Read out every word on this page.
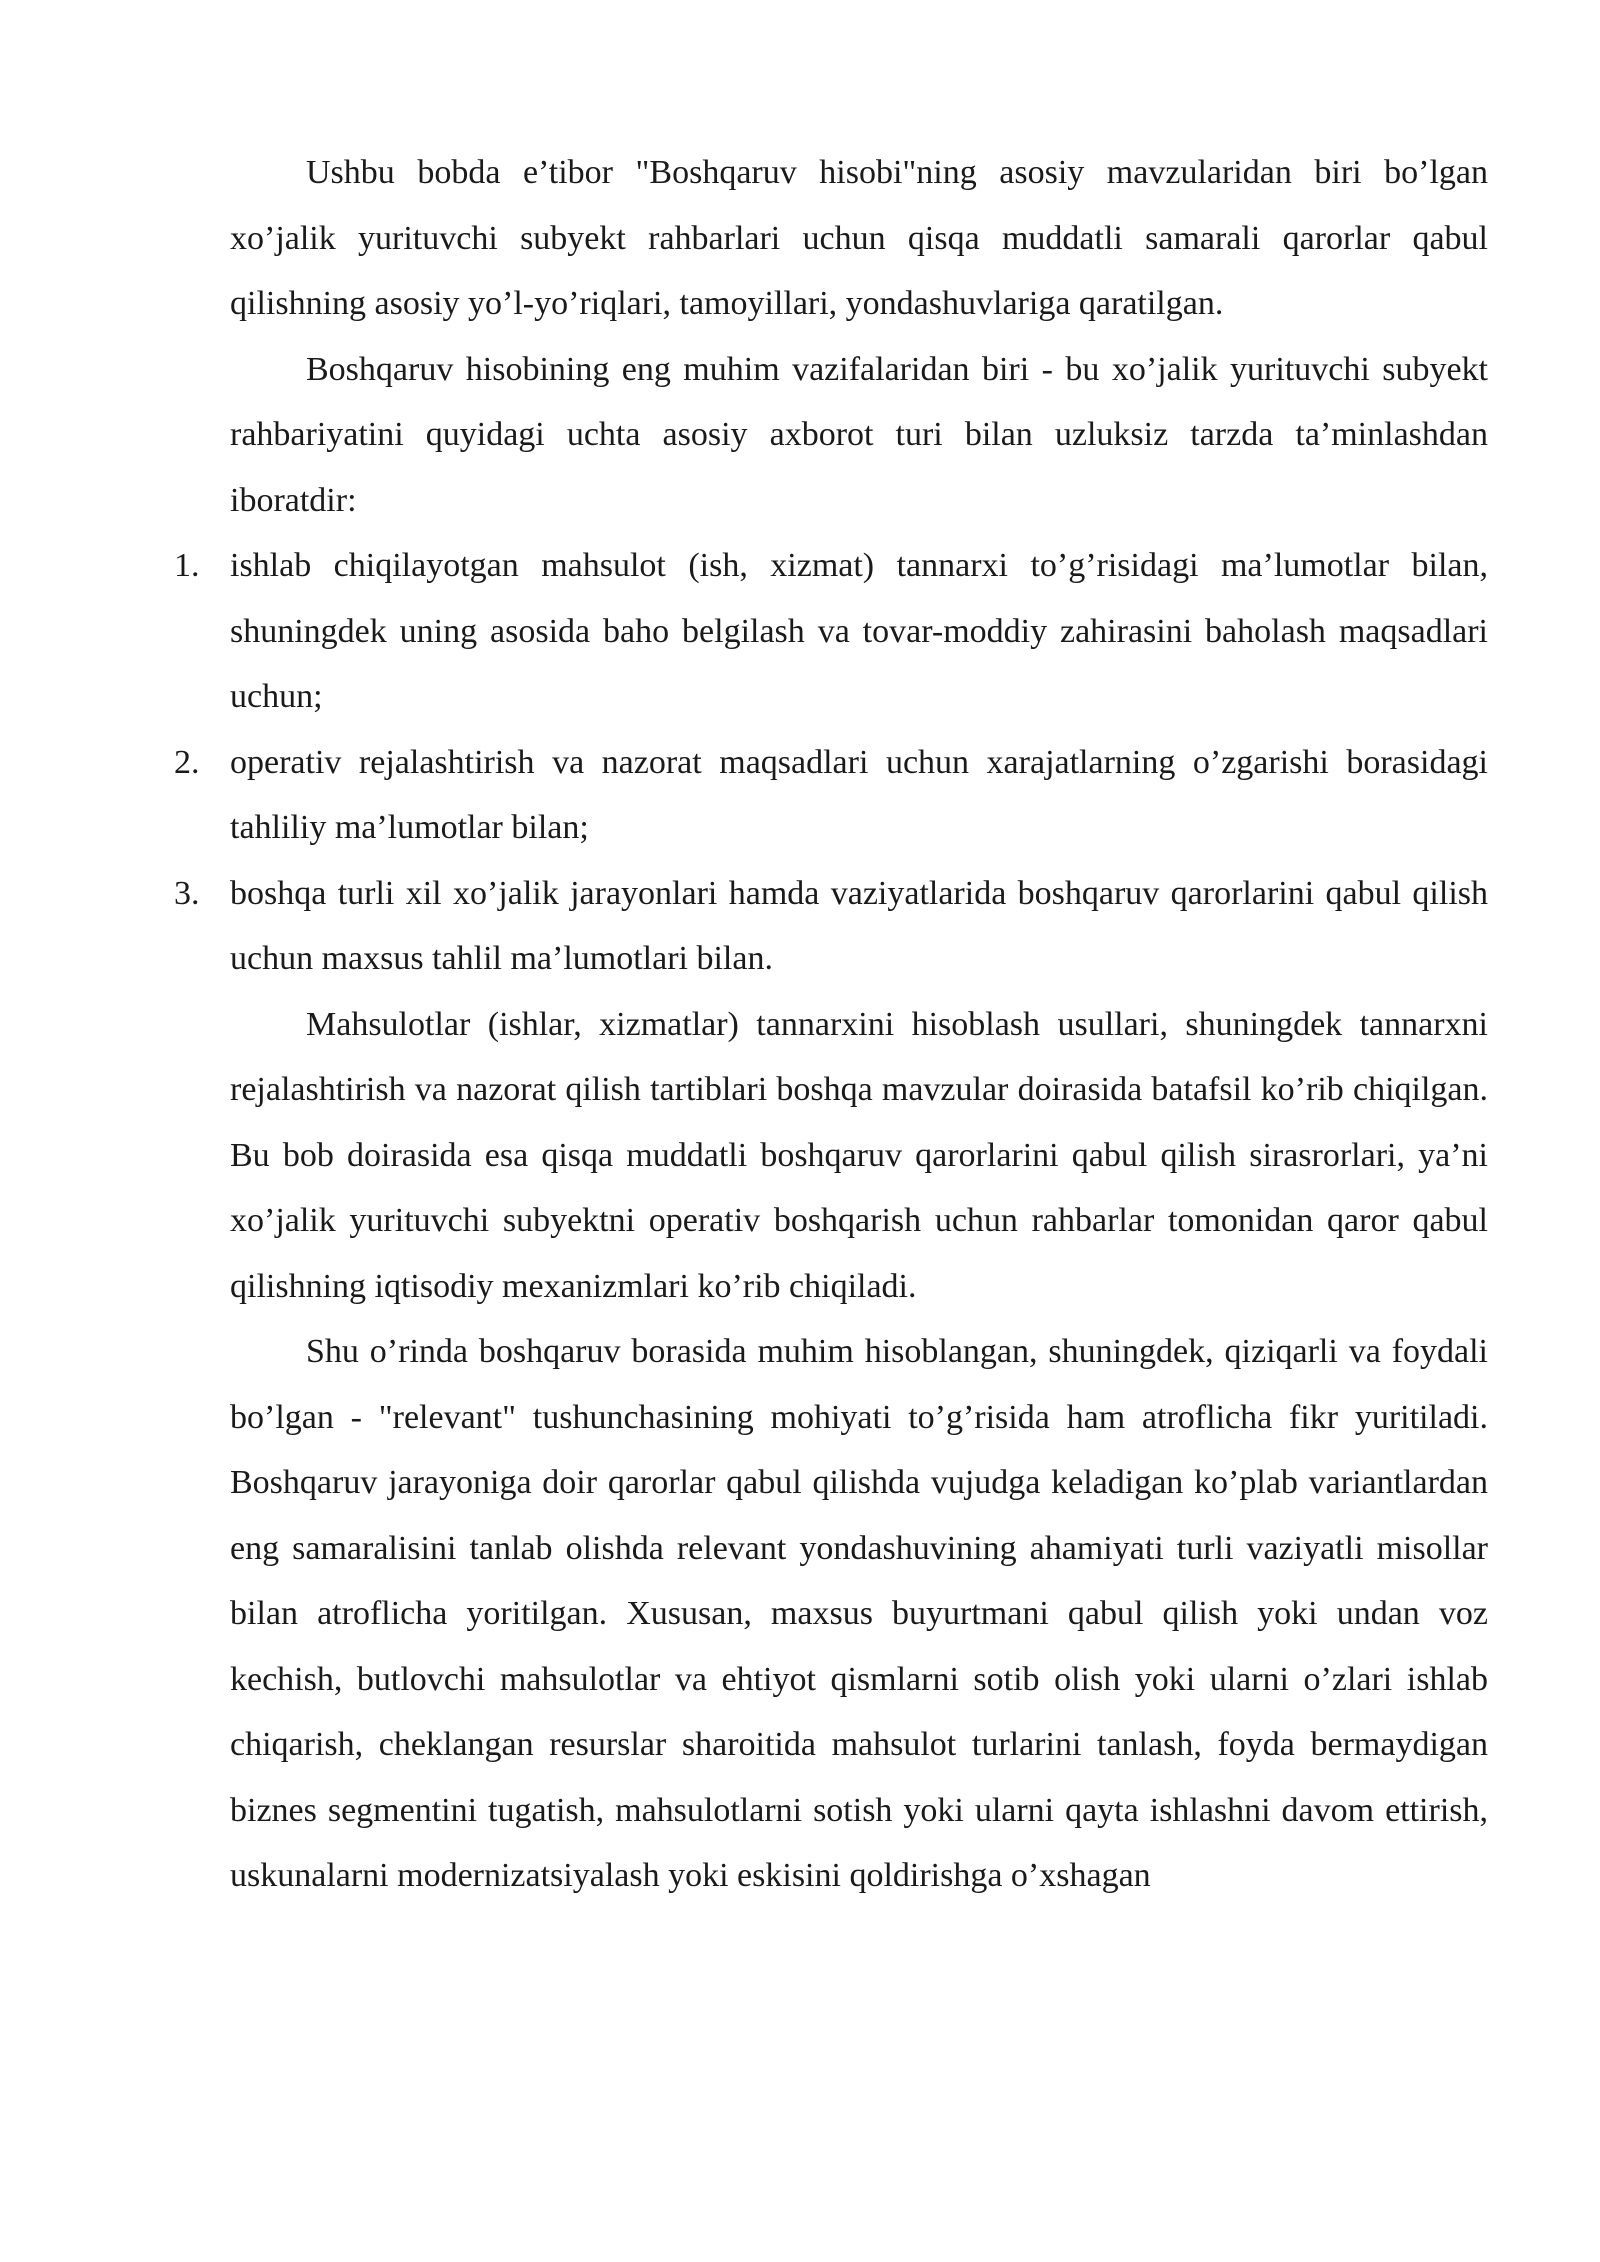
Ushbu bobda e’tibor "Boshqaruv hisobi"ning asosiy mavzularidan biri bo’lgan xo’jalik yurituvchi subyekt rahbarlari uchun qisqa muddatli samarali qarorlar qabul qilishning asosiy yo’l-yo’riqlari, tamoyillari, yondashuvlariga qaratilgan.

Boshqaruv hisobining eng muhim vazifalaridan biri - bu xo’jalik yurituvchi subyekt rahbariyatini quyidagi uchta asosiy axborot turi bilan uzluksiz tarzda ta’minlashdan iboratdir:

1. ishlab chiqilayotgan mahsulot (ish, xizmat) tannarxi to’g’risidagi ma’lumotlar bilan, shuningdek uning asosida baho belgilash va tovar-moddiy zahirasini baholash maqsadlari uchun;
2. operativ rejalashtirish va nazorat maqsadlari uchun xarajatlarning o’zgarishi borasidagi tahliliy ma’lumotlar bilan;
3. boshqa turli xil xo’jalik jarayonlari hamda vaziyatlarida boshqaruv qarorlarini qabul qilish uchun maxsus tahlil ma’lumotlari bilan.

Mahsulotlar (ishlar, xizmatlar) tannarxini hisoblash usullari, shuningdek tannarxni rejalashtirish va nazorat qilish tartiblari boshqa mavzular doirasida batafsil ko’rib chiqilgan. Bu bob doirasida esa qisqa muddatli boshqaruv qarorlarini qabul qilish sirasrorlari, ya’ni xo’jalik yurituvchi subyektni operativ boshqarish uchun rahbarlar tomonidan qaror qabul qilishning iqtisodiy mexanizmlari ko’rib chiqiladi.

Shu o’rinda boshqaruv borasida muhim hisoblangan, shuningdek, qiziqarli va foydali bo’lgan - "relevant" tushunchasining mohiyati to’g’risida ham atroflicha fikr yuritiladi. Boshqaruv jarayoniga doir qarorlar qabul qilishda vujudga keladigan ko’plab variantlardan eng samaralisini tanlab olishda relevant yondashuvining ahamiyati turli vaziyatli misollar bilan atroflicha yoritilgan. Xususan, maxsus buyurtmani qabul qilish yoki undan voz kechish, butlovchi mahsulotlar va ehtiyot qismlarni sotib olish yoki ularni o’zlari ishlab chiqarish, cheklangan resurslar sharoitida mahsulot turlarini tanlash, foyda bermaydigan biznes segmentini tugatish, mahsulotlarni sotish yoki ularni qayta ishlashni davom ettirish, uskunalarni modernizatsiyalash yoki eskisini qoldirishga o’xshagan
